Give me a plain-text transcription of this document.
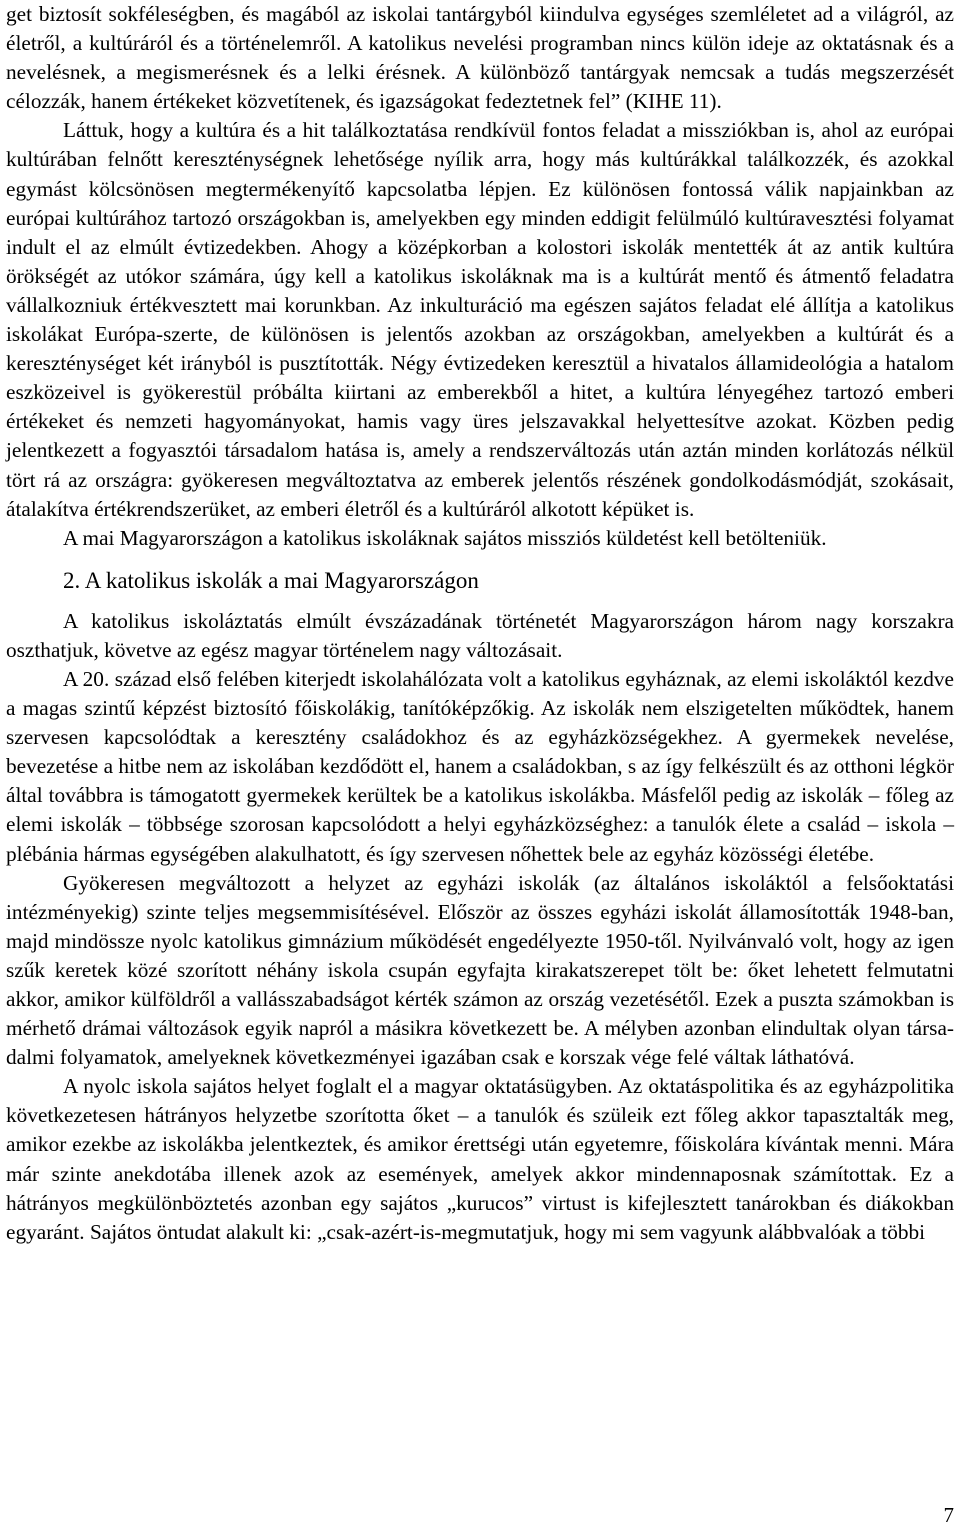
get biztosít sokféleségben, és magából az iskolai tantárgyból kiindulva egységes szemléletet ad a világról, az életről, a kultúráról és a történelemről. A katolikus nevelési programban nincs külön ideje az oktatásnak és a nevelésnek, a megismerésnek és a lelki érésnek. A különböző tantárgyak nemcsak a tudás megszerzését célozzák, hanem értékeket közvetítenek, és igazságokat fedeztetnek fel” (KIHE 11).

Láttuk, hogy a kultúra és a hit találkoztatása rendkívül fontos feladat a missziókban is, ahol az európai kultúrában felnőtt kereszténységnek lehetősége nyílik arra, hogy más kultúrákkal találkozzék, és azokkal egymást kölcsönösen megtermékenyítő kapcsolatba lépjen. Ez különösen fontossá válik napjainkban az európai kultúrához tartozó országokban is, amelyekben egy minden eddigit felülmúló kultúravesztési folyamat indult el az elmúlt évtizedekben. Ahogy a középkorban a kolostori iskolák mentették át az antik kultúra örökségét az utókor számára, úgy kell a katolikus iskoláknak ma is a kultúrát mentő és átmentő feladatra vállalkozniuk értékvesztett mai korunkban. Az inkulturáció ma egészen sajátos feladat elé állítja a katolikus iskolákat Európa-szerte, de különösen is jelentős azokban az országokban, amelyekben a kultúrát és a kereszténységet két irányból is pusztították. Négy évtizedeken keresztül a hivatalos államideológia a hatalom eszközeivel is gyökerestül próbálta kiirtani az emberekből a hitet, a kultúra lényegéhez tartozó emberi értékeket és nemzeti hagyományokat, hamis vagy üres jelszavakkal helyettesítve azokat. Közben pedig jelentkezett a fogyasztói társadalom hatása is, amely a rendszerváltozás után aztán minden korlátozás nélkül tört rá az országra: gyökeresen megváltoztatva az emberek jelentős részének gondolkodásmódját, szokásait, átalakítva értékrendszerüket, az emberi életről és a kultúráról alkotott képüket is.

A mai Magyarországon a katolikus iskoláknak sajátos missziós küldetést kell betölteniük.

2. A katolikus iskolák a mai Magyarországon

A katolikus iskoláztatás elmúlt évszázadának történetét Magyarországon három nagy korszakra oszthatjuk, követve az egész magyar történelem nagy változásait.

A 20. század első felében kiterjedt iskolahálózata volt a katolikus egyháznak, az elemi iskoláktól kezdve a magas szintű képzést biztosító főiskolákig, tanítóképzőkig. Az iskolák nem elszigetelten működtek, hanem szervesen kapcsolódtak a keresztény családokhoz és az egyházközségekhez. A gyermekek nevelése, bevezetése a hitbe nem az iskolában kezdődött el, hanem a családokban, s az így felkészült és az otthoni légkör által továbbra is támogatott gyermekek kerültek be a katolikus iskolákba. Másfelől pedig az iskolák – főleg az elemi iskolák – többsége szorosan kapcsolódott a helyi egyházközséghez: a tanulók élete a család – iskola – plébánia hármas egységében alakulhatott, és így szervesen nőhettek bele az egyház közösségi életébe.

Gyökeresen megváltozott a helyzet az egyházi iskolák (az általános iskoláktól a felsőoktatási intézményekig) szinte teljes megsemmisítésével. Először az összes egyházi iskolát államosították 1948-ban, majd mindössze nyolc katolikus gimnázium működését engedélyezte 1950-től. Nyilvánvaló volt, hogy az igen szűk keretek közé szorított néhány iskola csupán egyfajta kirakatszerepet tölt be: őket lehetett felmutatni akkor, amikor külföldről a vallásszabadságot kérték számon az ország vezetésétől. Ezek a puszta számokban is mérhető drámai változások egyik napról a másikra következett be. A mélyben azonban elindultak olyan társadalmi folyamatok, amelyeknek következményei igazában csak e korszak vége felé váltak láthatóvá.

A nyolc iskola sajátos helyet foglalt el a magyar oktatásügyben. Az oktatáspolitika és az egyházpolitika következetesen hátrányos helyzetbe szorította őket – a tanulók és szüleik ezt főleg akkor tapasztalták meg, amikor ezekbe az iskolákba jelentkeztek, és amikor érettségi után egyetemre, főiskolára kívántak menni. Mára már szinte anekdotába illenek azok az események, amelyek akkor mindennaposnak számítottak. Ez a hátrányos megkülönböztetés azonban egy sajátos „kurucos” virtust is kifejlesztett tanárokban és diákokban egyaránt. Sajátos öntudat alakult ki: „csak-azért-is-megmutatjuk, hogy mi sem vagyunk alábbvalóak a többi

7
